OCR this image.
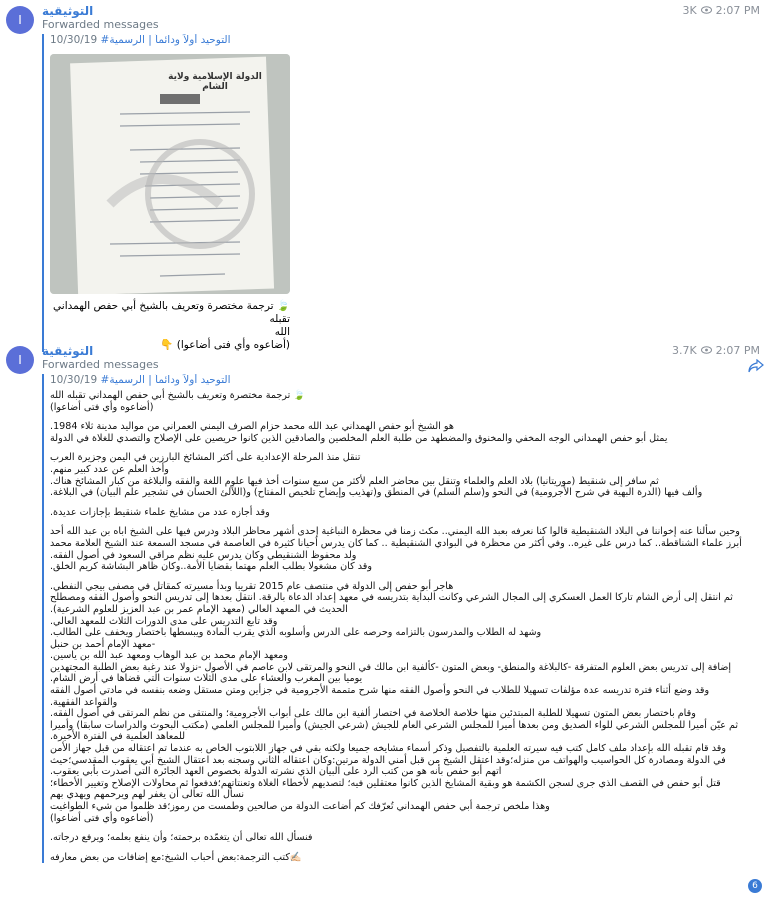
I
التوثيقية
Forwarded messages
3K 2:07 PM
10/30/19 #التوحيد أولاً ودائماً | الرسمية
الدولة الإسلامية ولاية الشام
🍃 ترجمة مختصرة وتعريف بالشيخ أبي حفص الهمداني تقبله
الله
(أضاعوه وأي فتى أضاعوا) 👇
I
التوثيقية
Forwarded messages
3.7K 2:07 PM
10/30/19 #التوحيد أولاً ودائماً | الرسمية

🍃 ترجمة مختصرة وتعريف بالشيخ أبي حفص الهمداني تقبله الله

(أضاعوه وأي فتى أضاعوا)

هو الشيخ أبو حفص الهمداني عبد الله محمد حزام الصرف اليمني العمراني من مواليد مدينة ثلاء 1984.

يمثل أبو حفص الهمداني الوجه المخفي والمخنوق والمضطهد من طلبة العلم المخلصين والصادقين الذين كانوا حريصين على الإصلاح والتصدي للغلاة في الدولة

تنقل منذ المرحلة الإعدادية على أكثر المشائخ البارزين في اليمن وجزيرة العرب

وأخذ العلم عن عدد كبير منهم.

ثم سافر إلى شنقيط (موريتانيا) بلاد العلم والعلماء وتنقل بين محاضر العلم لأكثر من سبع سنوات أخذ فيها علوم اللغة والفقه والبلاغة من كبار المشائخ هناك.

وألف فيها (الدرة البهية في شرح الأجرومية) في النحو و(سلم السلم) في المنطق و(تهذيب وإيضاح تلخيص المفتاح) و(اللآلئ الحسان في تشجير علم البيان) في البلاغة.

وقد أجازه عدد من مشايخ علماء شنقيط بإجازات عديدة.

وحين سألنا عنه إخواننا في البلاد الشنقيطية قالوا كنا نعرفه بعبد الله اليمني.. مكث زمنا في محظرة النباغية إحدى أشهر محاظر البلاد ودرس فيها على الشيخ اباه بن عبد الله أحد

أبرز علماء الشناقطة.. كما درس على غيره.. وفي أكثر من محظرة في البوادي الشنقيطية .. كما كان يدرس أحيانا كثيرة في العاصمة في مسجد السمعة عند الشيخ العلامة محمد

ولد محفوظ الشنقيطي وكان يدرس عليه نظم مراقي السعود في أصول الفقه.

وقد كان مشغولا بطلب العلم مهتما بقضايا الأمة..وكان ظاهر البشاشة كريم الخلق.

هاجر أبو حفص إلى الدولة في منتصف عام 2015 تقريبا وبدأ مسيرته كمقاتل في مصفى بيجي النفطي.

ثم انتقل إلى أرض الشام تاركا العمل العسكري إلى المجال الشرعي وكانت البداية بتدريسه في معهد إعداد الدعاة بالرقة. انتقل بعدها إلى تدريس النحو وأصول الفقه ومصطلح

الحديث في المعهد العالي (معهد الإمام عمر بن عبد العزيز للعلوم الشرعية).

وقد تابع التدريس على مدى الدورات الثلاث للمعهد العالي.

وشهد له الطلاب والمدرسون بالتزامه وحرصه على الدرس وأسلوبه الذي يقرب المادة ويبسطها باختصار ويخفف على الطالب.

-معهد الإمام أحمد بن حنبل

ومعهد الإمام محمد بن عبد الوهاب ومعهد عبد الله بن ياسين.

إضافة إلى تدريس بعض العلوم المتفرقة -كالبلاغة والمنطق- وبعض المتون -كألفية ابن مالك في النحو والمرتقى لابن عاصم في الأصول -نزولا عند رغبة بعض الطلبة المجتهدين

يوميا بين المغرب والعشاء على مدى الثلاث سنوات التي قضاها في أرض الشام.

وقد وضع أثناء فترة تدريسه عدة مؤلفات تسهيلا للطلاب في النحو وأصول الفقه منها شرح متممة الأجرومية في جزأين ومتن مستقل وضعه بنفسه في مادتي أصول الفقه

والقواعد الفقهية.

وقام باختصار بعض المتون تسهيلا للطلبة المبتدئين منها خلاصة الخلاصة في اختصار ألفية ابن مالك على أبواب الأجرومية؛ والمنتقى من نظم المرتقى في أصول الفقه.

ثم عيّن أميرا للمجلس الشرعي للواء الصديق ومن بعدها أميرا للمجلس الشرعي العام للجيش (شرعي الجيش) وأميرا للمجلس العلمي (مكتب البحوث والدراسات سابقا) وأميرا

للمعاهد العلمية في الفترة الأخيرة.

وقد قام تقبله الله بإعداد ملف كامل كتب فيه سيرته العلمية بالتفصيل وذكر أسماء مشايخه جميعا ولكنه بقي في جهاز اللابتوب الخاص به عندما تم اعتقاله من قبل جهاز الأمن

في الدولة ومصادرة كل الحواسيب والهواتف من منزله؛وقد اعتقل الشيخ من قبل أمني الدولة مرتين:وكان اعتقاله الثاني وسجنه بعد اعتقال الشيخ أبي يعقوب المقدسي؛حيث

اتهم أبو حفص بأنه هو من كتب الرد على البيان الذي نشرته الدولة بخصوص العهد الجائرة التي أصدرت بأبي يعقوب.

قتل أبو حفص في القصف الذي جرى لسجن الكشمة هو وبقية المشايخ الذين كانوا معتقلين فيه؛ لتصديهم لأخطاء الغلاة وتعنتاتهم؛فدفعوا ثم محاولات الإصلاح وتغيير الأخطاء؛

نسأل الله تعالى أن يغفر لهم ويرحمهم ويهدي بهم

وهذا ملخص ترجمة أبي حفص الهمداني تُعرّفك كم أضاعت الدولة من صالحين وطمست من رموز؛قد ظلموا من شيء الطواغيت

(أضاعوه وأي فتى أضاعوا)

فنسأل الله تعالى أن يتغمّده برحمته؛ وأن ينفع بعلمه؛ ويرفع درجاته.

✍🏻كتب الترجمة:بعض أحباب الشيخ:مع إضافات من بعض معارفه

6
